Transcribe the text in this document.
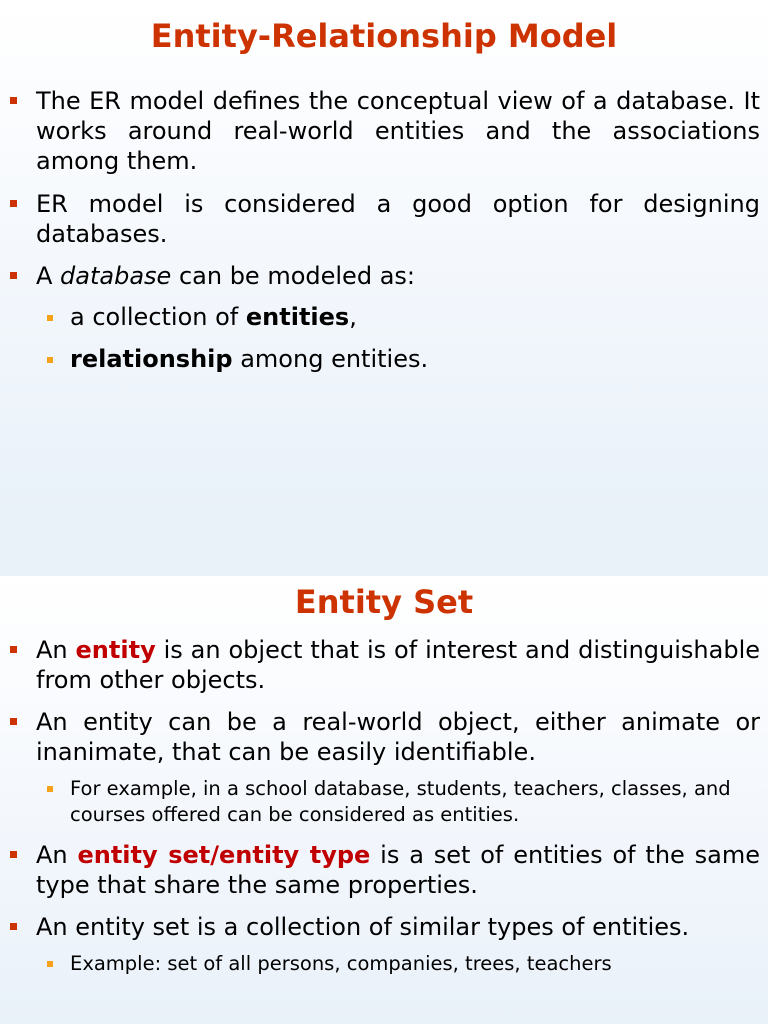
Entity-Relationship Model
The ER model defines the conceptual view of a database. It works around real-world entities and the associations among them.
ER model is considered a good option for designing databases.
A database can be modeled as:
a collection of entities,
relationship among entities.
Entity Set
An entity is an object that is of interest and distinguishable from other objects.
An entity can be a real-world object, either animate or inanimate, that can be easily identifiable.
For example, in a school database, students, teachers, classes, and courses offered can be considered as entities.
An entity set/entity type is a set of entities of the same type that share the same properties.
An entity set is a collection of similar types of entities.
Example: set of all persons, companies, trees, teachers
